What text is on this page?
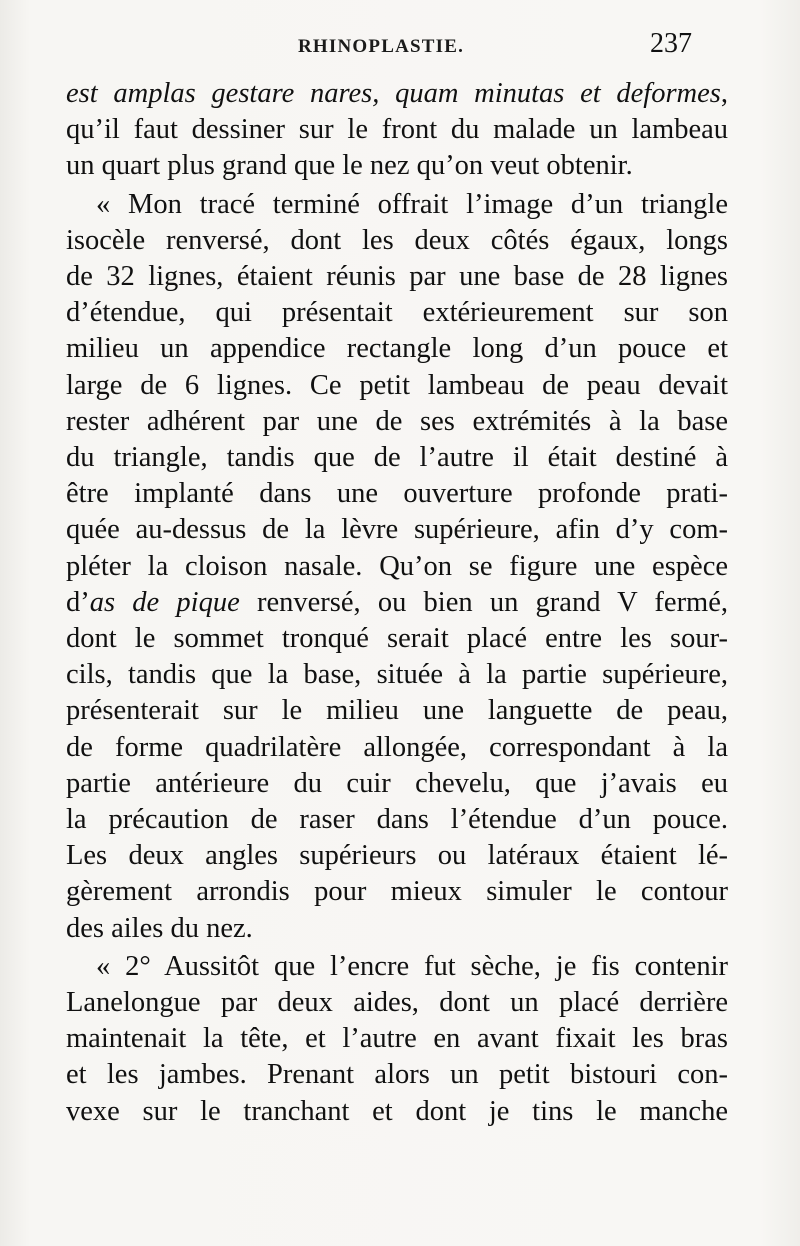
RHINOPLASTIE.	237
est amplas gestare nares, quam minutas et deformes,
qu’il faut dessiner sur le front du malade un lambeau
un quart plus grand que le nez qu’on veut obtenir.
« Mon tracé terminé offrait l’image d’un triangle
isocèle renversé, dont les deux côtés égaux, longs
de 32 lignes, étaient réunis par une base de 28 lignes
d’étendue, qui présentait extérieurement sur son
milieu un appendice rectangle long d’un pouce et
large de 6 lignes. Ce petit lambeau de peau devait
rester adhérent par une de ses extrémités à la base
du triangle, tandis que de l’autre il était destiné à
être implanté dans une ouverture profonde prati-
quée au-dessus de la lèvre supérieure, afin d’y com-
pléter la cloison nasale. Qu’on se figure une espèce
d’as de pique renversé, ou bien un grand V fermé,
dont le sommet tronqué serait placé entre les sour-
cils, tandis que la base, située à la partie supérieure,
présenterait sur le milieu une languette de peau,
de forme quadrilatère allongée, correspondant à la
partie antérieure du cuir chevelu, que j’avais eu
la précaution de raser dans l’étendue d’un pouce.
Les deux angles supérieurs ou latéraux étaient lé-
gèrement arrondis pour mieux simuler le contour
des ailes du nez.
« 2° Aussitôt que l’encre fut sèche, je fis contenir
Lanelongue par deux aides, dont un placé derrière
maintenait la tête, et l’autre en avant fixait les bras
et les jambes. Prenant alors un petit bistouri con-
vexe sur le tranchant et dont je tins le manche
